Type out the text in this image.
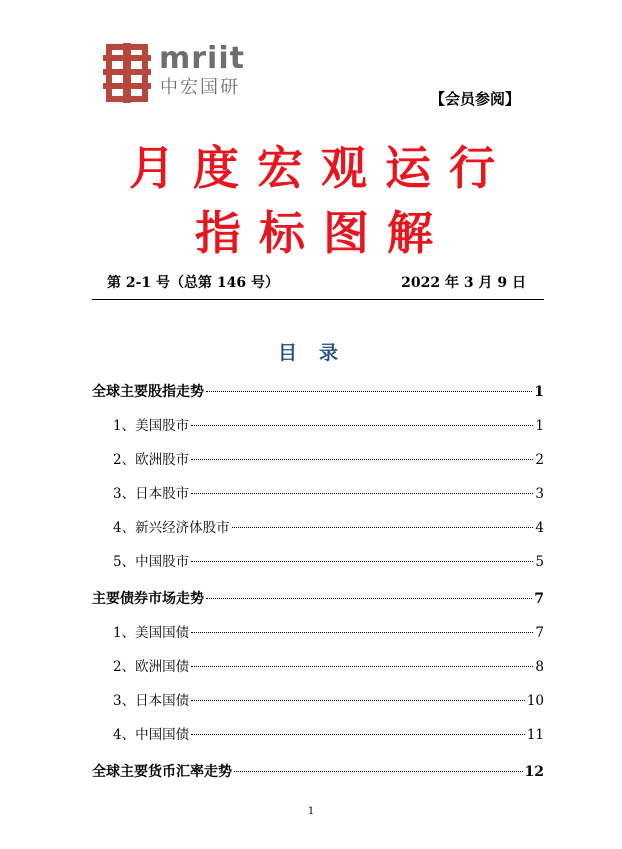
mriit
中宏国研
【会员参阅】
月度宏观运行
指标图解
第 2-1 号（总第 146 号）	2022 年 3 月 9 日
目录
全球主要股指走势	1
1、美国股市	1
2、欧洲股市	2
3、日本股市	3
4、新兴经济体股市	4
5、中国股市	5
主要债券市场走势	7
1、美国国债	7
2、欧洲国债	8
3、日本国债	10
4、中国国债	11
全球主要货币汇率走势	12
1
